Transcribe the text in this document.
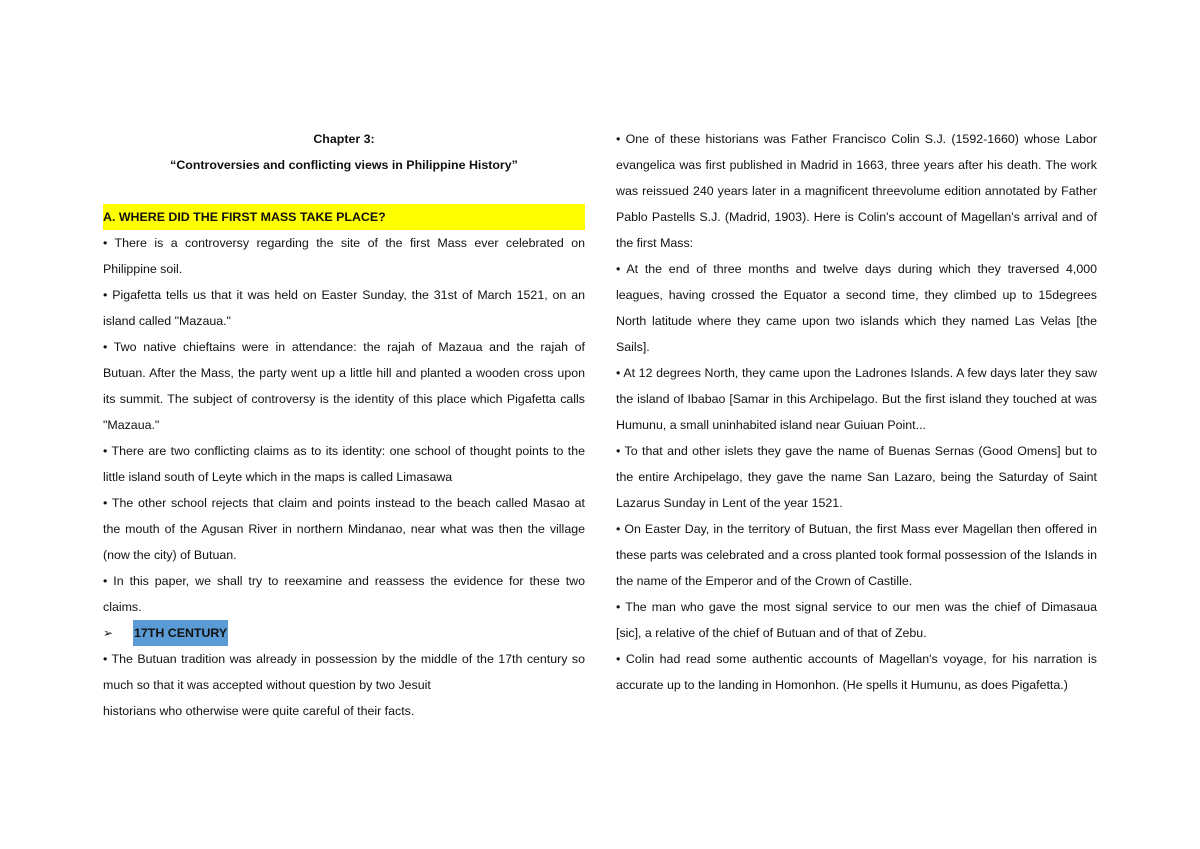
Chapter 3:

“Controversies and conflicting views in Philippine History”

A. WHERE DID THE FIRST MASS TAKE PLACE?

• There is a controversy regarding the site of the first Mass ever celebrated on Philippine soil.

• Pigafetta tells us that it was held on Easter Sunday, the 31st of March 1521, on an island called "Mazaua."

• Two native chieftains were in attendance: the rajah of Mazaua and the rajah of Butuan. After the Mass, the party went up a little hill and planted a wooden cross upon its summit. The subject of controversy is the identity of this place which Pigafetta calls "Mazaua."

• There are two conflicting claims as to its identity: one school of thought points to the little island south of Leyte which in the maps is called Limasawa

• The other school rejects that claim and points instead to the beach called Masao at the mouth of the Agusan River in northern Mindanao, near what was then the village (now the city) of Butuan.

• In this paper, we shall try to reexamine and reassess the evidence for these two claims.

➢	17TH CENTURY

• The Butuan tradition was already in possession by the middle of the 17th century so much so that it was accepted without question by two Jesuit

historians who otherwise were quite careful of their facts.

• One of these historians was Father Francisco Colin S.J. (1592-1660) whose Labor evangelica was first published in Madrid in 1663, three years after his death. The work was reissued 240 years later in a magnificent threevolume edition annotated by Father Pablo Pastells S.J. (Madrid, 1903). Here is Colin's account of Magellan's arrival and of the first Mass:

• At the end of three months and twelve days during which they traversed 4,000 leagues, having crossed the Equator a second time, they climbed up to 15degrees North latitude where they came upon two islands which they named Las Velas [the Sails].

• At 12 degrees North, they came upon the Ladrones Islands. A few days later they saw the island of Ibabao [Samar in this Archipelago. But the first island they touched at was Humunu, a small uninhabited island near Guiuan Point...

• To that and other islets they gave the name of Buenas Sernas (Good Omens] but to the entire Archipelago, they gave the name San Lazaro, being the Saturday of Saint Lazarus Sunday in Lent of the year 1521.

• On Easter Day, in the territory of Butuan, the first Mass ever Magellan then offered in these parts was celebrated and a cross planted took formal possession of the Islands in the name of the Emperor and of the Crown of Castille.

• The man who gave the most signal service to our men was the chief of Dimasaua [sic], a relative of the chief of Butuan and of that of Zebu.

• Colin had read some authentic accounts of Magellan's voyage, for his narration is accurate up to the landing in Homonhon. (He spells it Humunu, as does Pigafetta.)
